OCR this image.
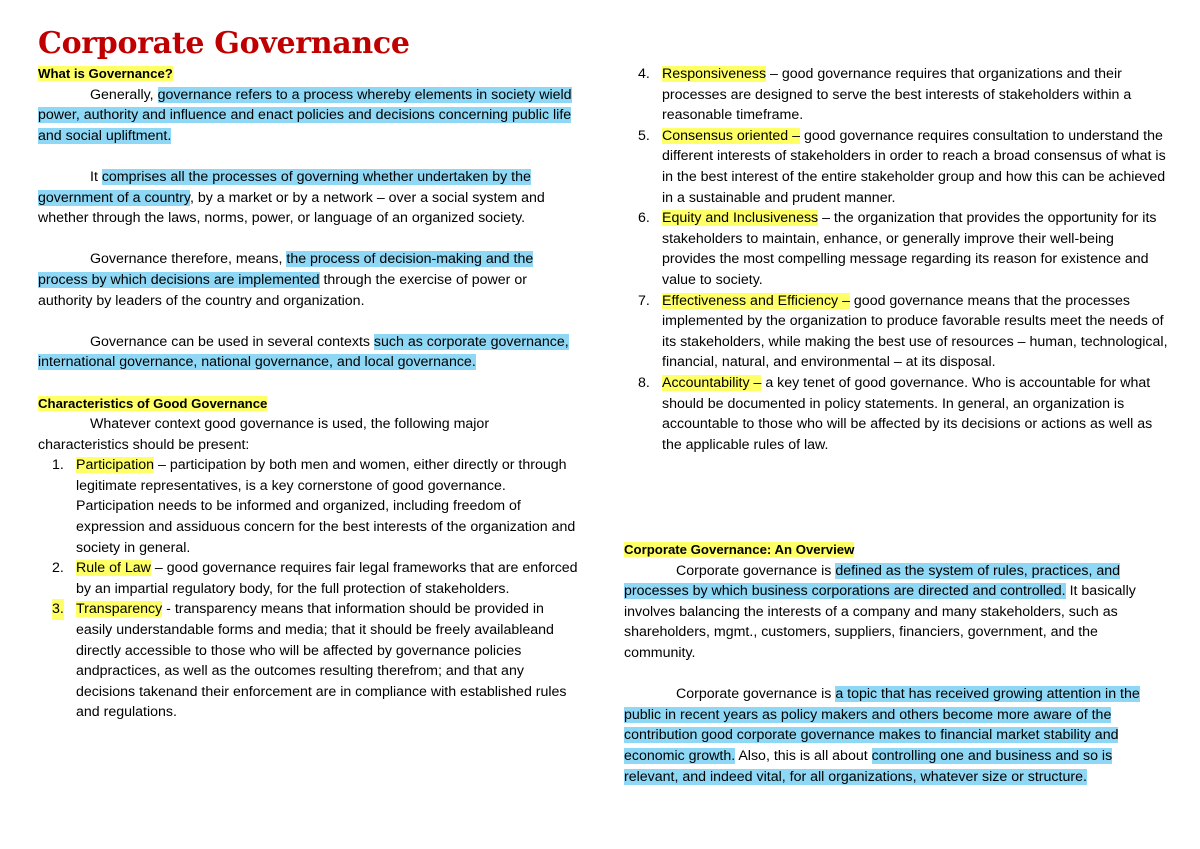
Corporate Governance
What is Governance?

Generally, governance refers to a process whereby elements in society wield power, authority and influence and enact policies and decisions concerning public life and social upliftment.

It comprises all the processes of governing whether undertaken by the government of a country, by a market or by a network – over a social system and whether through the laws, norms, power, or language of an organized society.

Governance therefore, means, the process of decision-making and the process by which decisions are implemented through the exercise of power or authority by leaders of the country and organization.

Governance can be used in several contexts such as corporate governance, international governance, national governance, and local governance.

Characteristics of Good Governance

Whatever context good governance is used, the following major characteristics should be present:

1. Participation – participation by both men and women, either directly or through legitimate representatives, is a key cornerstone of good governance. Participation needs to be informed and organized, including freedom of expression and assiduous concern for the best interests of the organization and society in general.
2. Rule of Law – good governance requires fair legal frameworks that are enforced by an impartial regulatory body, for the full protection of stakeholders.
3. Transparency - transparency means that information should be provided in easily understandable forms and media; that it should be freely availableand directly accessible to those who will be affected by governance policies andpractices, as well as the outcomes resulting therefrom; and that any decisions takenand their enforcement are in compliance with established rules and regulations.
4. Responsiveness – good governance requires that organizations and their processes are designed to serve the best interests of stakeholders within a reasonable timeframe.
5. Consensus oriented – good governance requires consultation to understand the different interests of stakeholders in order to reach a broad consensus of what is in the best interest of the entire stakeholder group and how this can be achieved in a sustainable and prudent manner.
6. Equity and Inclusiveness – the organization that provides the opportunity for its stakeholders to maintain, enhance, or generally improve their well-being provides the most compelling message regarding its reason for existence and value to society.
7. Effectiveness and Efficiency – good governance means that the processes implemented by the organization to produce favorable results meet the needs of its stakeholders, while making the best use of resources – human, technological, financial, natural, and environmental – at its disposal.
8. Accountability – a key tenet of good governance. Who is accountable for what should be documented in policy statements. In general, an organization is accountable to those who will be affected by its decisions or actions as well as the applicable rules of law.
Corporate Governance: An Overview

Corporate governance is defined as the system of rules, practices, and processes by which business corporations are directed and controlled. It basically involves balancing the interests of a company and many stakeholders, such as shareholders, mgmt., customers, suppliers, financiers, government, and the community.

Corporate governance is a topic that has received growing attention in the public in recent years as policy makers and others become more aware of the contribution good corporate governance makes to financial market stability and economic growth. Also, this is all about controlling one and business and so is relevant, and indeed vital, for all organizations, whatever size or structure.
